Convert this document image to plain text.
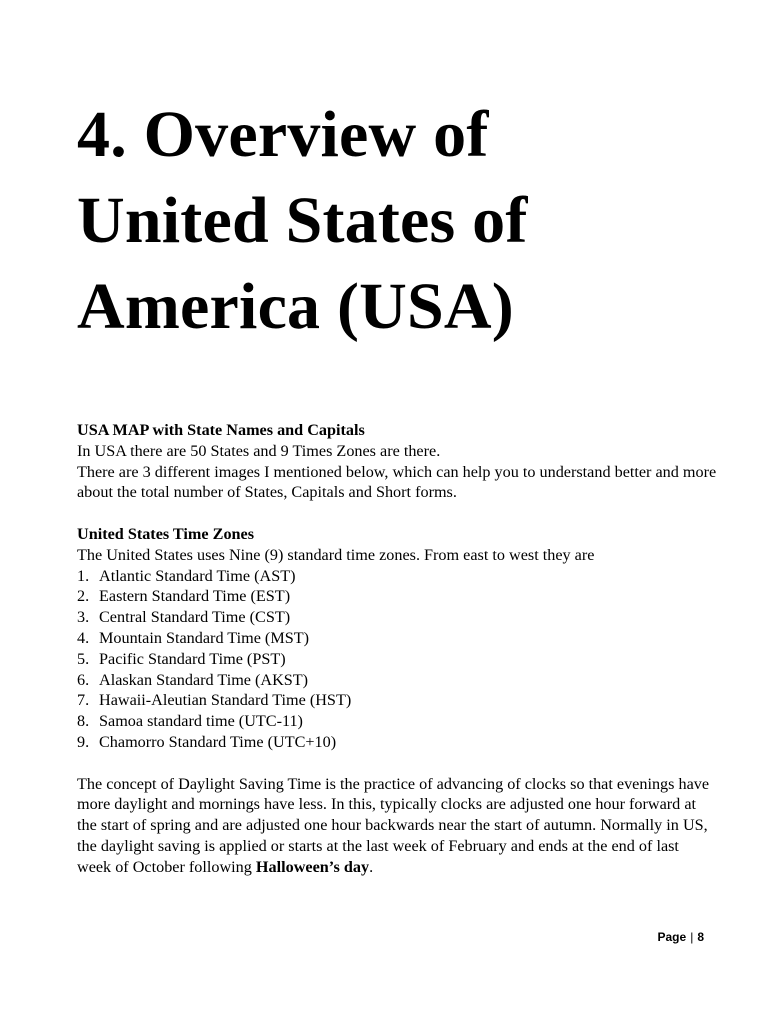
4. Overview of
United States of
America (USA)

USA MAP with State Names and Capitals

In USA there are 50 States and 9 Times Zones are there.

There are 3 different images I mentioned below, which can help you to understand better and more about the total number of States, Capitals and Short forms.

United States Time Zones

The United States uses Nine (9) standard time zones. From east to west they are

1. Atlantic Standard Time (AST)
2. Eastern Standard Time (EST)
3. Central Standard Time (CST)
4. Mountain Standard Time (MST)
5. Pacific Standard Time (PST)
6. Alaskan Standard Time (AKST)
7. Hawaii-Aleutian Standard Time (HST)
8. Samoa standard time (UTC-11)
9. Chamorro Standard Time (UTC+10)

The concept of Daylight Saving Time is the practice of advancing of clocks so that evenings have more daylight and mornings have less. In this, typically clocks are adjusted one hour forward at the start of spring and are adjusted one hour backwards near the start of autumn. Normally in US, the daylight saving is applied or starts at the last week of February and ends at the end of last week of October following Halloween’s day.

Page | 8
